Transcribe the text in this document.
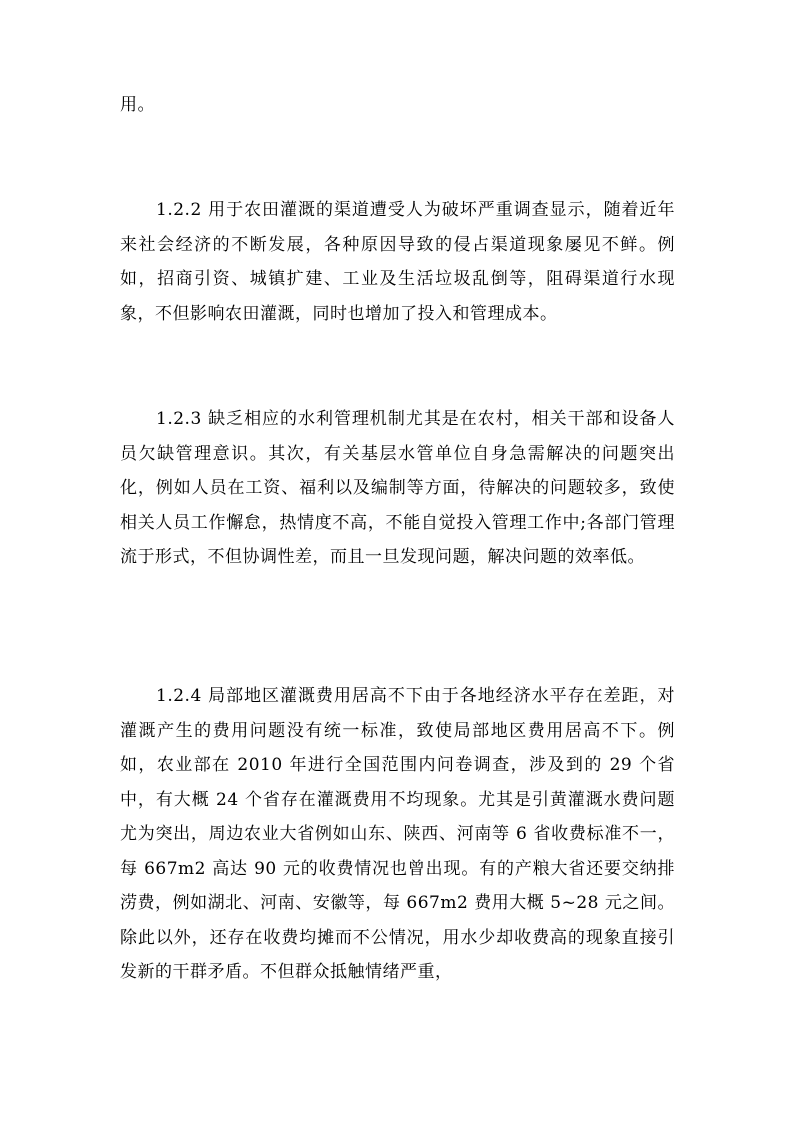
用。

1.2.2 用于农田灌溉的渠道遭受人为破坏严重调查显示，随着近年来社会经济的不断发展，各种原因导致的侵占渠道现象屡见不鲜。例如，招商引资、城镇扩建、工业及生活垃圾乱倒等，阻碍渠道行水现象，不但影响农田灌溉，同时也增加了投入和管理成本。

1.2.3 缺乏相应的水利管理机制尤其是在农村，相关干部和设备人员欠缺管理意识。其次，有关基层水管单位自身急需解决的问题突出化，例如人员在工资、福利以及编制等方面，待解决的问题较多，致使相关人员工作懈怠，热情度不高，不能自觉投入管理工作中;各部门管理流于形式，不但协调性差，而且一旦发现问题，解决问题的效率低。

1.2.4 局部地区灌溉费用居高不下由于各地经济水平存在差距，对灌溉产生的费用问题没有统一标准，致使局部地区费用居高不下。例如，农业部在 2010 年进行全国范围内问卷调查，涉及到的 29 个省中，有大概 24 个省存在灌溉费用不均现象。尤其是引黄灌溉水费问题尤为突出，周边农业大省例如山东、陕西、河南等 6 省收费标准不一，每 667m2 高达 90 元的收费情况也曾出现。有的产粮大省还要交纳排涝费，例如湖北、河南、安徽等，每 667m2 费用大概 5~28 元之间。除此以外，还存在收费均摊而不公情况，用水少却收费高的现象直接引发新的干群矛盾。不但群众抵触情绪严重，
